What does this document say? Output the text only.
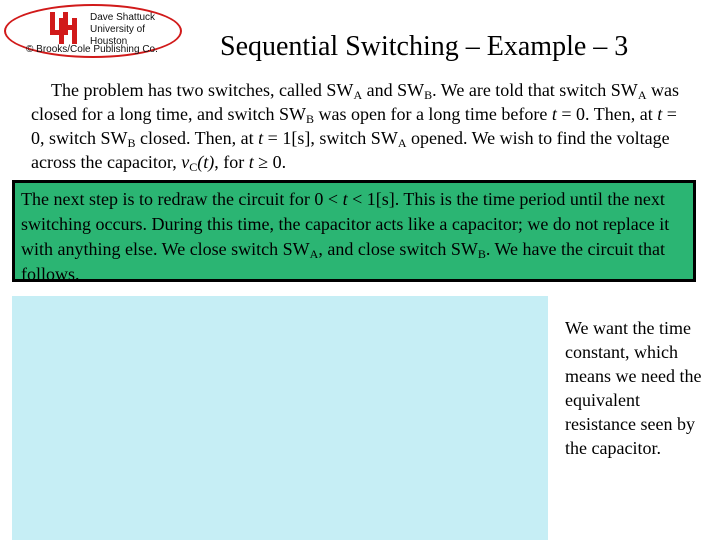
Dave Shattuck
University of Houston
© Brooks/Cole Publishing Co. Sequential Switching – Example – 3
The problem has two switches, called $SW_A$ and $SW_B$. We are told that switch $SW_A$ was closed for a long time, and switch $SW_B$ was open for a long time before t = 0. Then, at t = 0, switch $SW_B$ closed. Then, at t = 1[s], switch $SW_A$ opened. We wish to find the voltage across the capacitor, $v_C(t)$, for t ≥ 0.
The next step is to redraw the circuit for 0 < t < 1[s]. This is the time period until the next switching occurs. During this time, the capacitor acts like a capacitor; we do not replace it with anything else. We close switch $SW_A$, and close switch $SW_B$. We have the circuit that follows.
We want the time constant, which means we need the equivalent resistance seen by the capacitor.
